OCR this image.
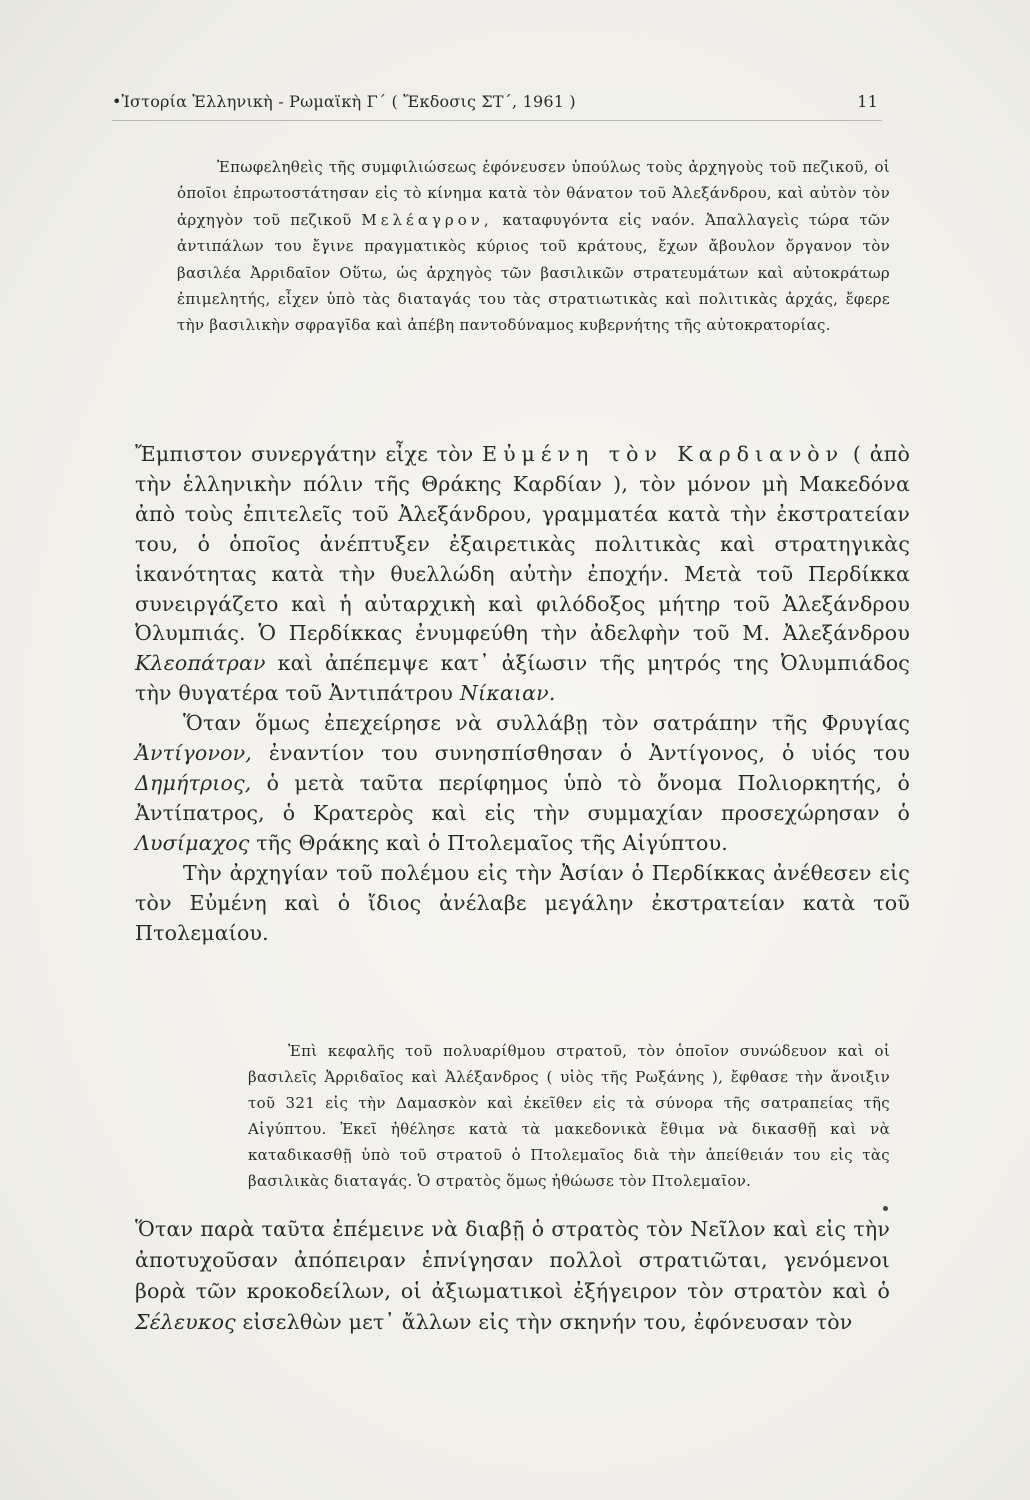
•Ἱστορία Ἑλληνικὴ - Ρωμαϊκὴ Γ΄ ( Ἔκδοσις ΣΤ΄, 1961 )	11

Ἐπωφεληθεὶς τῆς συμφιλιώσεως ἐφόνευσεν ὑπούλως τοὺς ἀρχηγοὺς τοῦ πεζικοῦ, οἱ ὁποῖοι ἐπρωτοστάτησαν εἰς τὸ κίνημα κατὰ τὸν θάνατον τοῦ Ἀλεξάνδρου, καὶ αὐτὸν τὸν ἀρχηγὸν τοῦ πεζικοῦ Μελέαγρον, καταφυγόντα εἰς ναόν. Ἀπαλλαγεὶς τώρα τῶν ἀντιπάλων του ἔγινε πραγματικὸς κύριος τοῦ κράτους, ἔχων ἄβουλον ὄργανον τὸν βασιλέα Ἀρριδαῖον Οὕτω, ὡς ἀρχηγὸς τῶν βασιλικῶν στρατευμάτων καὶ αὐτοκράτωρ ἐπιμελητής, εἶχεν ὑπὸ τὰς διαταγάς του τὰς στρατιωτικὰς καὶ πολιτικὰς ἀρχάς, ἔφερε τὴν βασιλικὴν σφραγῖδα καὶ ἀπέβη παντοδύναμος κυβερνήτης τῆς αὐτοκρατορίας.

Ἔμπιστον συνεργάτην εἶχε τὸν Εὐμένη τὸν Καρδιανὸν ( ἀπὸ τὴν ἑλληνικὴν πόλιν τῆς Θράκης Καρδίαν ), τὸν μόνον μὴ Μακεδόνα ἀπὸ τοὺς ἐπιτελεῖς τοῦ Ἀλεξάνδρου, γραμματέα κατὰ τὴν ἐκστρατείαν του, ὁ ὁποῖος ἀνέπτυξεν ἐξαιρετικὰς πολιτικὰς καὶ στρατηγικὰς ἱκανότητας κατὰ τὴν θυελλώδη αὐτὴν ἐποχήν. Μετὰ τοῦ Περδίκκα συνειργάζετο καὶ ἡ αὐταρχικὴ καὶ φιλόδοξος μήτηρ τοῦ Ἀλεξάνδρου Ὀλυμπιάς. Ὁ Περδίκκας ἐνυμφεύθη τὴν ἀδελφὴν τοῦ Μ. Ἀλεξάνδρου Κλεοπάτραν καὶ ἀπέπεμψε κατ᾿ ἀξίωσιν τῆς μητρός της Ὀλυμπιάδος τὴν θυγατέρα τοῦ Ἀντιπάτρου Νίκαιαν.

Ὅταν ὅμως ἐπεχείρησε νὰ συλλάβῃ τὸν σατράπην τῆς Φρυγίας Ἀντίγονον, ἐναντίον του συνησπίσθησαν ὁ Ἀντίγονος, ὁ υἱός του Δημήτριος, ὁ μετὰ ταῦτα περίφημος ὑπὸ τὸ ὄνομα Πολιορκητής, ὁ Ἀντίπατρος, ὁ Κρατερὸς καὶ εἰς τὴν συμμαχίαν προσεχώρησαν ὁ Λυσίμαχος τῆς Θράκης καὶ ὁ Πτολεμαῖος τῆς Αἰγύπτου.

Τὴν ἀρχηγίαν τοῦ πολέμου εἰς τὴν Ἀσίαν ὁ Περδίκκας ἀνέθεσεν εἰς τὸν Εὐμένη καὶ ὁ ἴδιος ἀνέλαβε μεγάλην ἐκστρατείαν κατὰ τοῦ Πτολεμαίου.

Ἐπὶ κεφαλῆς τοῦ πολυαρίθμου στρατοῦ, τὸν ὁποῖον συνώδευον καὶ οἱ βασιλεῖς Ἀρριδαῖος καὶ Ἀλέξανδρος ( υἱὸς τῆς Ρωξάνης ), ἔφθασε τὴν ἄνοιξιν τοῦ 321 εἰς τὴν Δαμασκὸν καὶ ἐκεῖθεν εἰς τὰ σύνορα τῆς σατραπείας τῆς Αἰγύπτου. Ἐκεῖ ἠθέλησε κατὰ τὰ μακεδονικὰ ἔθιμα νὰ δικασθῇ καὶ νὰ καταδικασθῇ ὑπὸ τοῦ στρατοῦ ὁ Πτολεμαῖος διὰ τὴν ἀπείθειάν του εἰς τὰς βασιλικὰς διαταγάς. Ὁ στρατὸς ὅμως ἠθώωσε τὸν Πτολεμαῖον.

Ὅταν παρὰ ταῦτα ἐπέμεινε νὰ διαβῇ ὁ στρατὸς τὸν Νεῖλον καὶ εἰς τὴν ἀποτυχοῦσαν ἀπόπειραν ἐπνίγησαν πολλοὶ στρατιῶται, γενόμενοι βορὰ τῶν κροκοδείλων, οἱ ἀξιωματικοὶ ἐξήγειρον τὸν στρατὸν καὶ ὁ Σέλευκος εἰσελθὼν μετ᾿ ἄλλων εἰς τὴν σκηνήν του, ἐφόνευσαν τὸν
